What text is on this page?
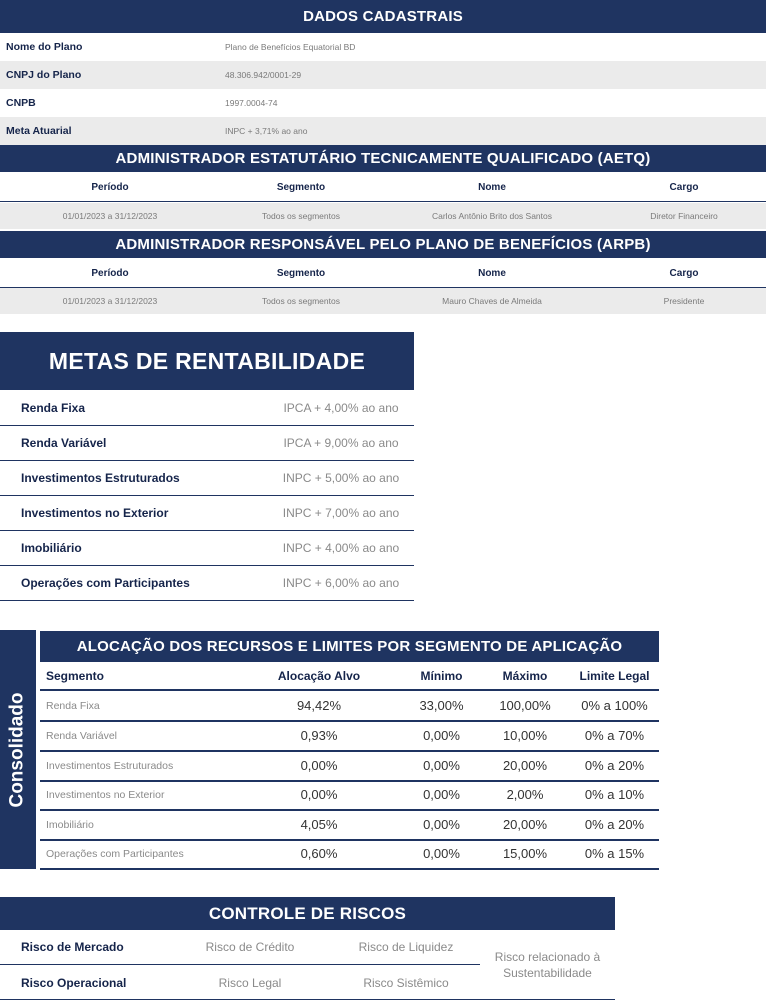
DADOS CADASTRAIS
Nome do Plano	Plano de Benefícios Equatorial BD
CNPJ do Plano	48.306.942/0001-29
CNPB	1997.0004-74
Meta Atuarial	INPC + 3,71% ao ano
ADMINISTRADOR ESTATUTÁRIO TECNICAMENTE QUALIFICADO (AETQ)
Período	Segmento	Nome	Cargo
01/01/2023 a 31/12/2023	Todos os segmentos	Carlos Antônio Brito dos Santos	Diretor Financeiro
ADMINISTRADOR RESPONSÁVEL PELO PLANO DE BENEFÍCIOS (ARPB)
Período	Segmento	Nome	Cargo
01/01/2023 a 31/12/2023	Todos os segmentos	Mauro Chaves de Almeida	Presidente
METAS DE RENTABILIDADE
Renda Fixa	IPCA + 4,00% ao ano
Renda Variável	IPCA + 9,00% ao ano
Investimentos Estruturados	INPC + 5,00% ao ano
Investimentos no Exterior	INPC + 7,00% ao ano
Imobiliário	INPC + 4,00% ao ano
Operações com Participantes	INPC + 6,00% ao ano
Consolidado
ALOCAÇÃO DOS RECURSOS E LIMITES POR SEGMENTO DE APLICAÇÃO
Segmento	Alocação Alvo	Mínimo	Máximo	Limite Legal
Renda Fixa	94,42%	33,00%	100,00%	0% a 100%
Renda Variável	0,93%	0,00%	10,00%	0% a 70%
Investimentos Estruturados	0,00%	0,00%	20,00%	0% a 20%
Investimentos no Exterior	0,00%	0,00%	2,00%	0% a 10%
Imobiliário	4,05%	0,00%	20,00%	0% a 20%
Operações com Participantes	0,60%	0,00%	15,00%	0% a 15%
CONTROLE DE RISCOS
Risco de Mercado	Risco de Crédito	Risco de Liquidez
Risco Operacional	Risco Legal	Risco Sistêmico
Risco relacionado à
Sustentabilidade
